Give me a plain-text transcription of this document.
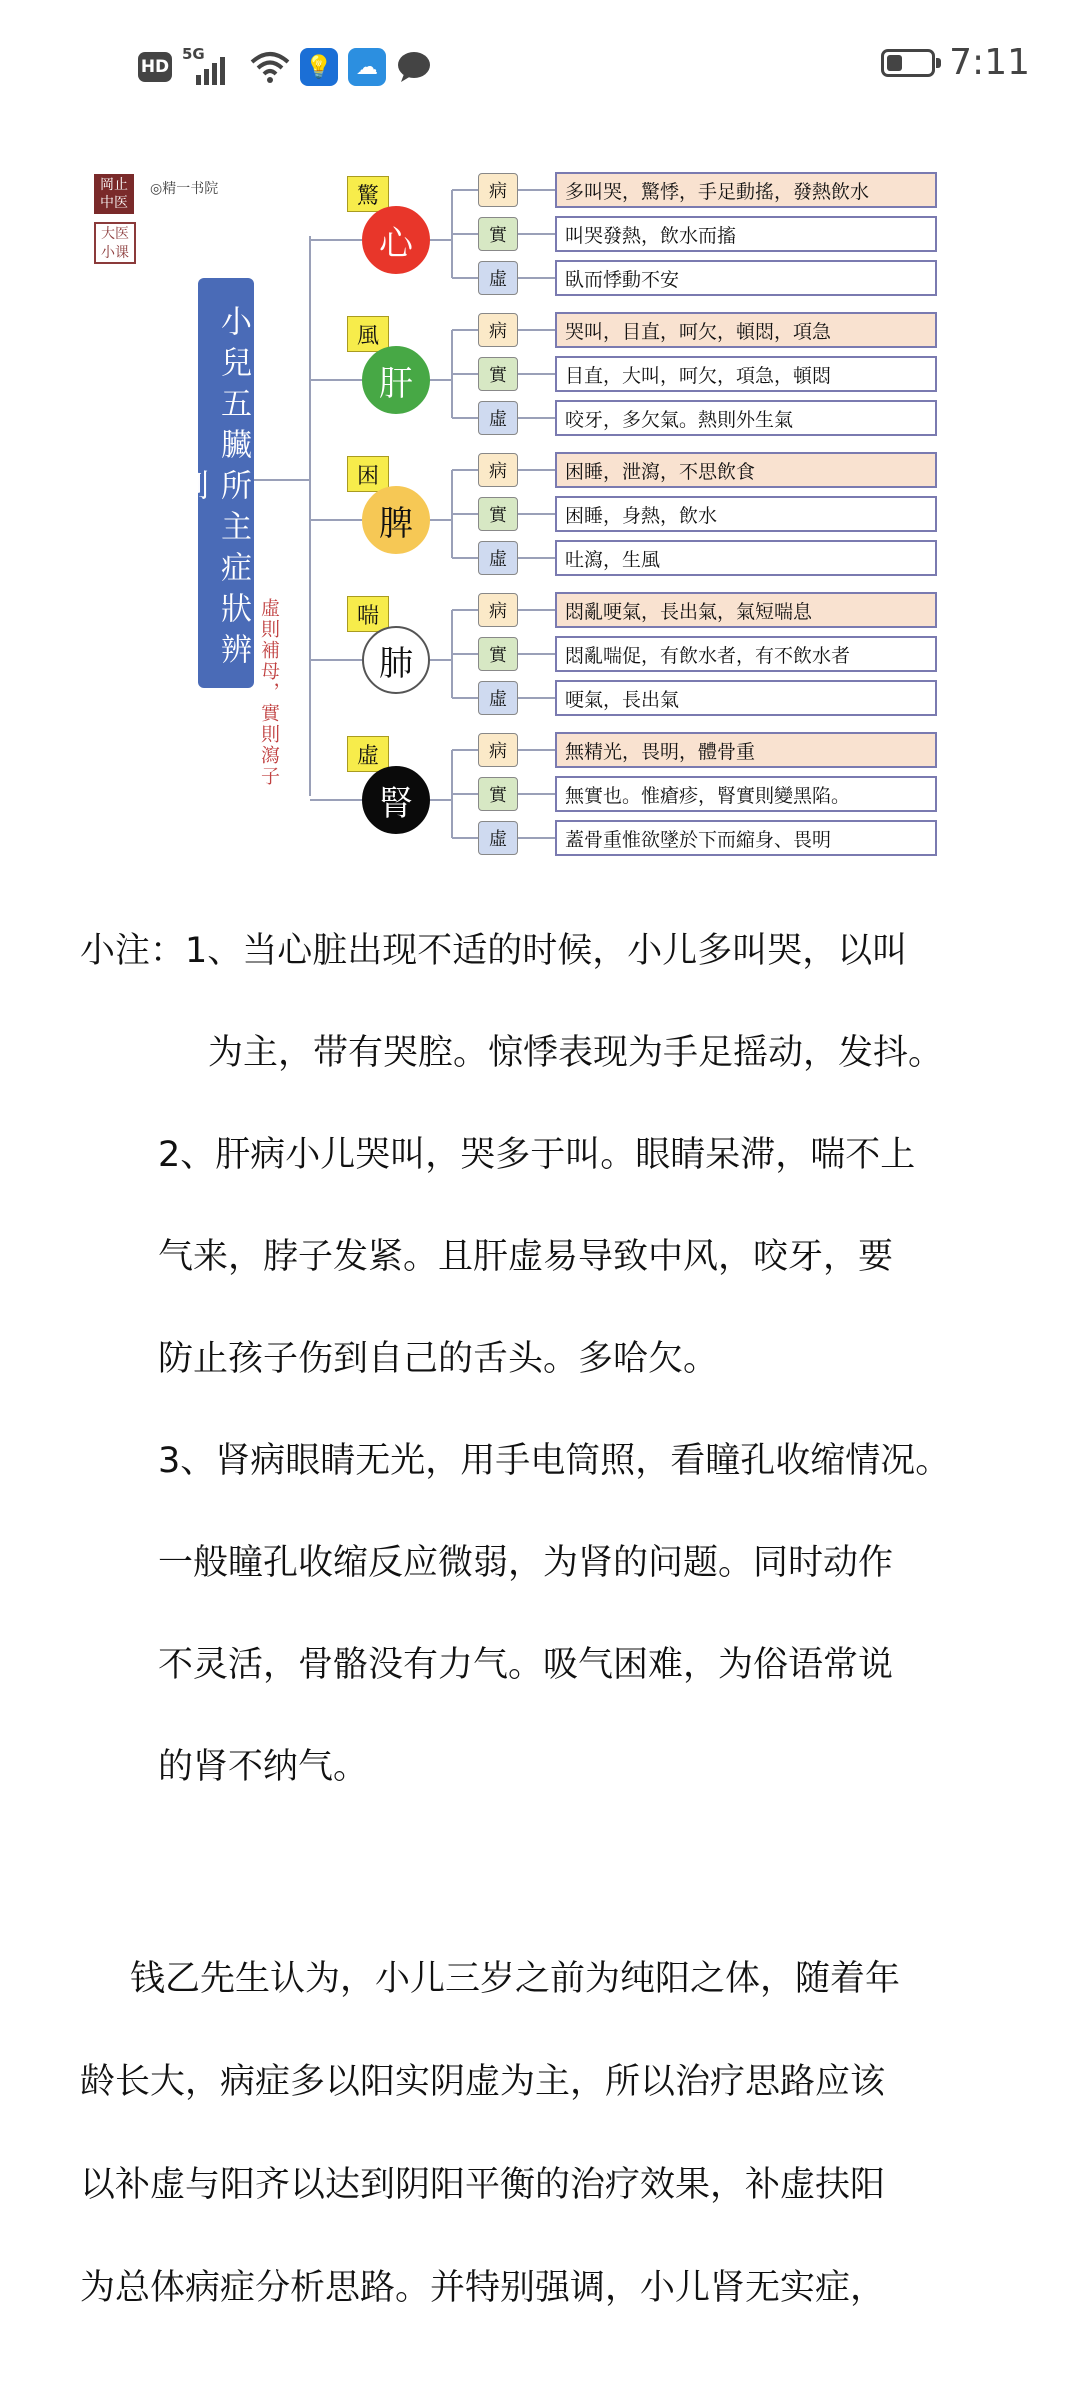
HD
5G
💡	☁	7:11
岡止中医
大医小课
◎精一书院
小兒五臟所主症狀辨別
虛則補母，實則瀉子
驚
心
病	多叫哭，驚悸，手足動搖，發熱飲水
實	叫哭發熱，飲水而搐
虛	臥而悸動不安
風
肝
病	哭叫，目直，呵欠，頓悶，項急
實	目直，大叫，呵欠，項急，頓悶
虛	咬牙，多欠氣。熱則外生氣
困
脾
病	困睡，泄瀉，不思飲食
實	困睡，身熱，飲水
虛	吐瀉，生風
喘
肺
病	悶亂哽氣，長出氣，氣短喘息
實	悶亂喘促，有飲水者，有不飲水者
虛	哽氣，長出氣
虛
腎
病	無精光，畏明，體骨重
實	無實也。惟瘡疹，腎實則變黑陷。
虛	蓋骨重惟欲墜於下而縮身、畏明
小注：1、当心脏出现不适的时候，小儿多叫哭，以叫
为主，带有哭腔。惊悸表现为手足摇动，发抖。
2、肝病小儿哭叫，哭多于叫。眼睛呆滞，喘不上
气来，脖子发紧。且肝虚易导致中风，咬牙，要
防止孩子伤到自己的舌头。多哈欠。
3、肾病眼睛无光，用手电筒照，看瞳孔收缩情况。
一般瞳孔收缩反应微弱，为肾的问题。同时动作
不灵活，骨骼没有力气。吸气困难，为俗语常说
的肾不纳气。
钱乙先生认为，小儿三岁之前为纯阳之体，随着年
龄长大，病症多以阳实阴虚为主，所以治疗思路应该
以补虚与阳齐以达到阴阳平衡的治疗效果，补虚扶阳
为总体病症分析思路。并特别强调，小儿肾无实症，
